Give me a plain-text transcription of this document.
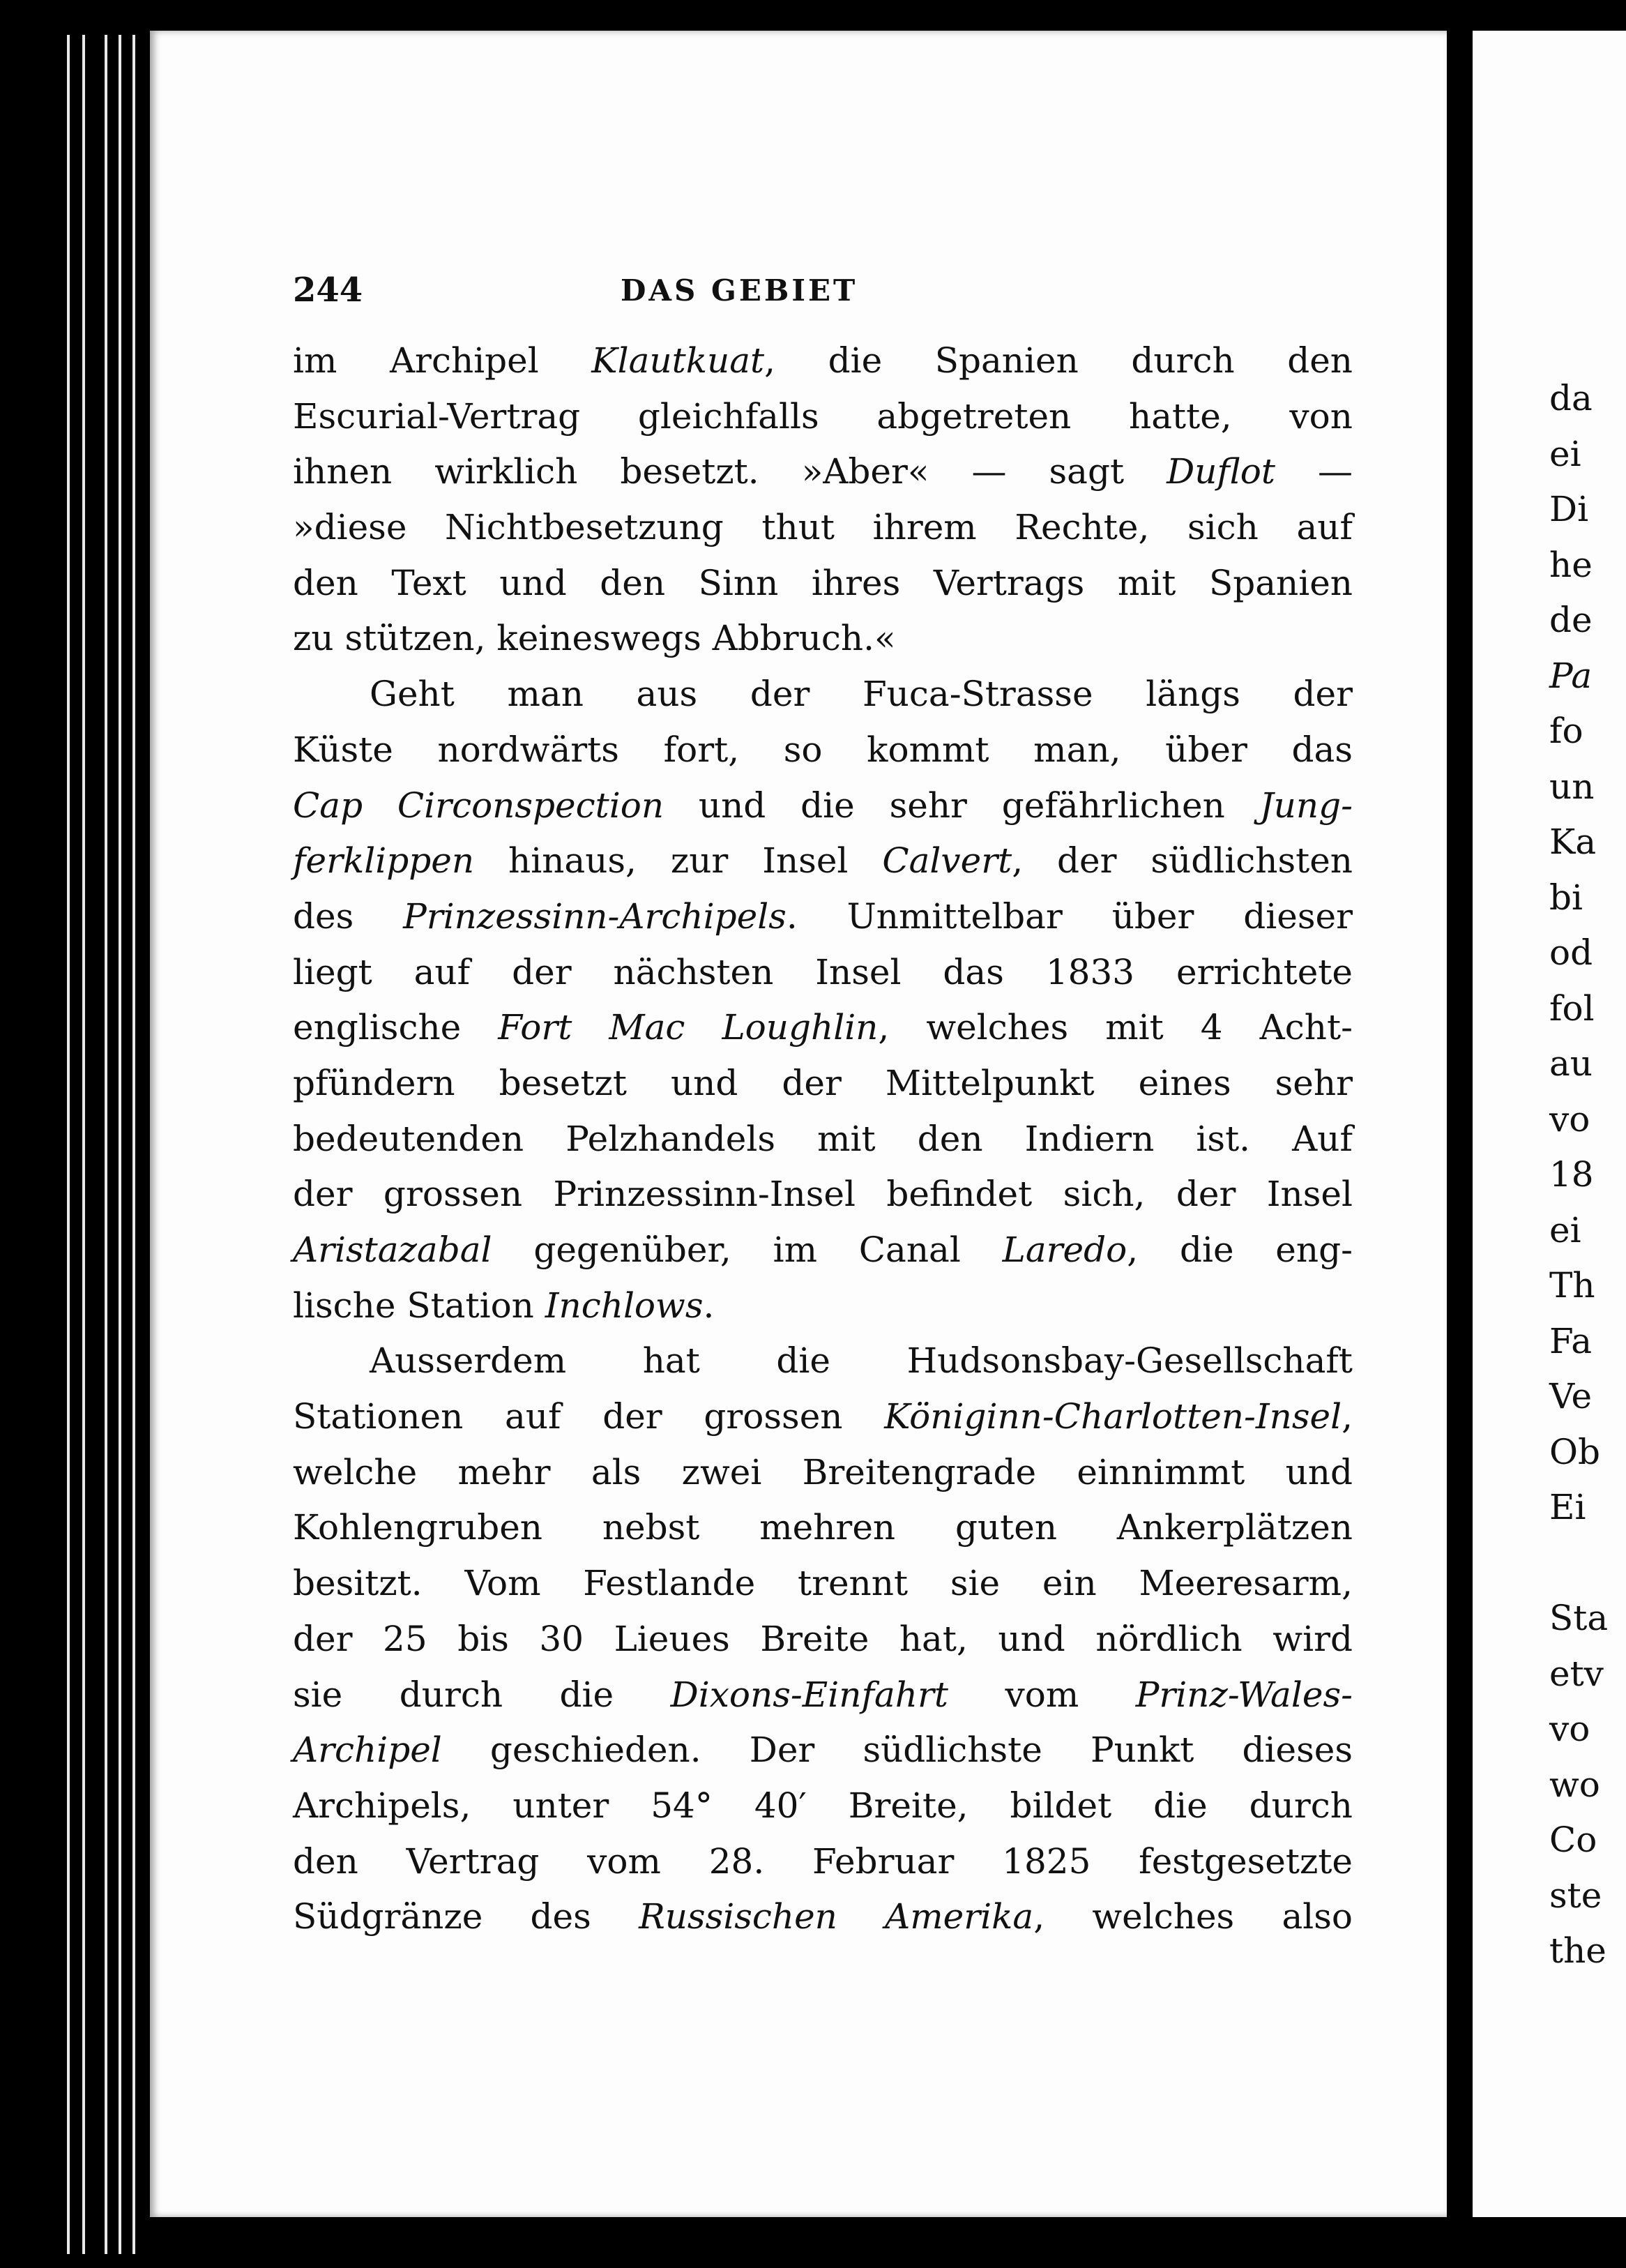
244	DAS GEBIET
im Archipel Klautkuat, die Spanien durch den
Escurial-Vertrag gleichfalls abgetreten hatte, von
ihnen wirklich besetzt. »Aber« — sagt Duflot —
»diese Nichtbesetzung thut ihrem Rechte, sich auf
den Text und den Sinn ihres Vertrags mit Spanien
zu stützen, keineswegs Abbruch.«
Geht man aus der Fuca-Strasse längs der
Küste nordwärts fort, so kommt man, über das
Cap Circonspection und die sehr gefährlichen Jung-
ferklippen hinaus, zur Insel Calvert, der südlichsten
des Prinzessinn-Archipels. Unmittelbar über dieser
liegt auf der nächsten Insel das 1833 errichtete
englische Fort Mac Loughlin, welches mit 4 Acht-
pfündern besetzt und der Mittelpunkt eines sehr
bedeutenden Pelzhandels mit den Indiern ist. Auf
der grossen Prinzessinn-Insel befindet sich, der Insel
Aristazabal gegenüber, im Canal Laredo, die eng-
lische Station Inchlows.
Ausserdem hat die Hudsonsbay-Gesellschaft
Stationen auf der grossen Königinn-Charlotten-Insel,
welche mehr als zwei Breitengrade einnimmt und
Kohlengruben nebst mehren guten Ankerplätzen
besitzt. Vom Festlande trennt sie ein Meeresarm,
der 25 bis 30 Lieues Breite hat, und nördlich wird
sie durch die Dixons-Einfahrt vom Prinz-Wales-
Archipel geschieden. Der südlichste Punkt dieses
Archipels, unter 54° 40′ Breite, bildet die durch
den Vertrag vom 28. Februar 1825 festgesetzte
Südgränze des Russischen Amerika, welches also
da
ei
Di
he
de
Pa
fo
un
Ka
bi
od
fol
au
vo
18
ei
Th
Fa
Ve
Ob
Ei
Sta
etv
vo
wo
Co
ste
the
